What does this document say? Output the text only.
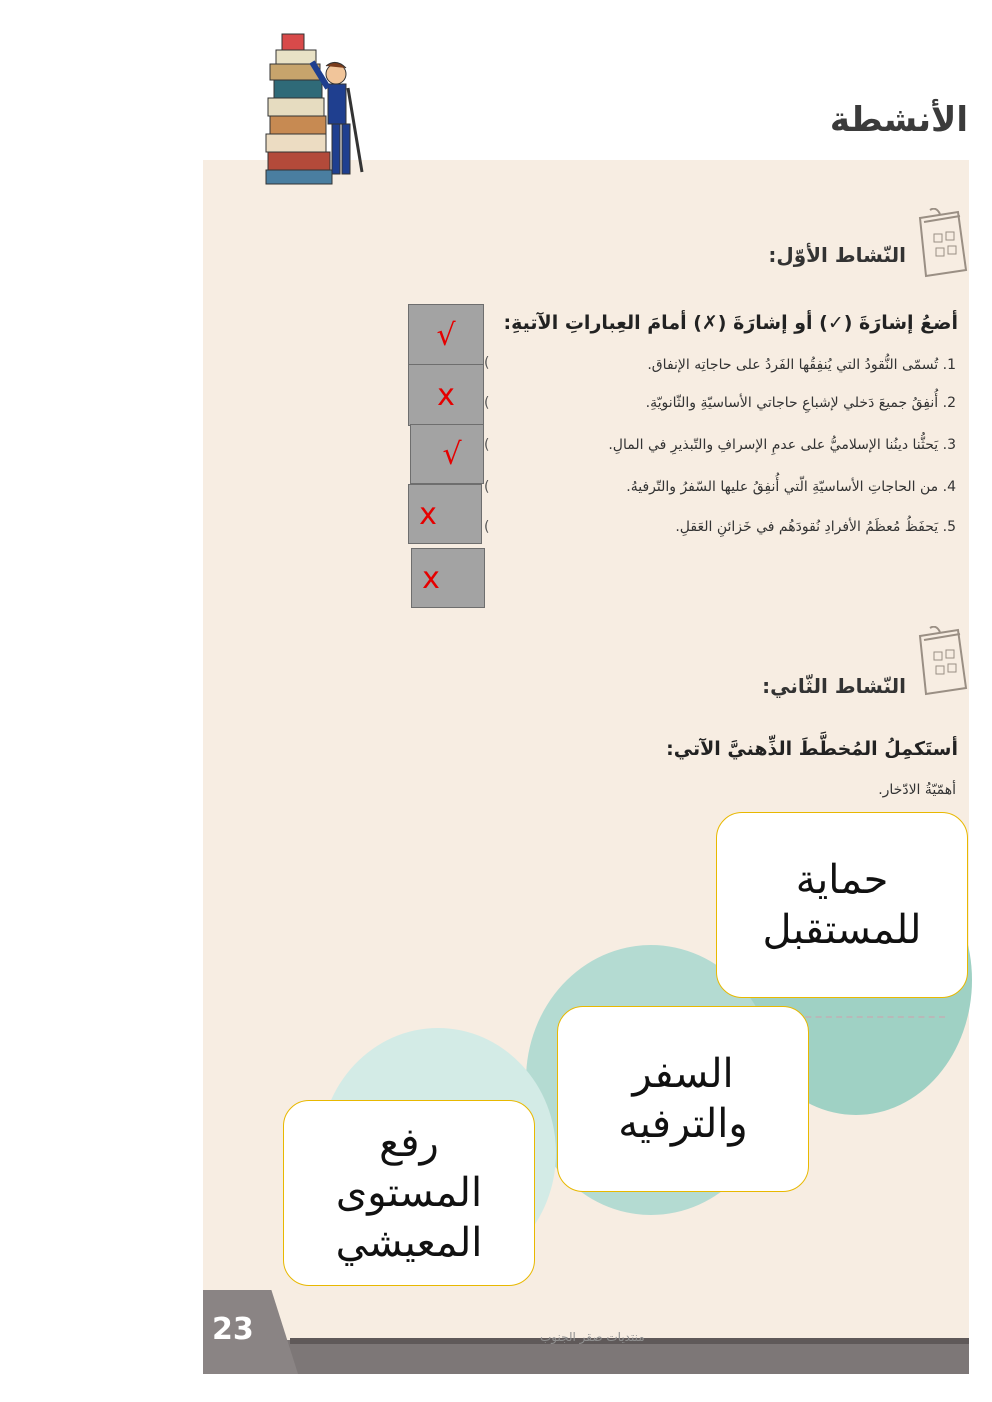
الأنشطة
النّشاط الأوّل:
أضعُ إشارَةَ (✓) أو إشارَةَ (✗) أمامَ العِباراتِ الآتيةِ:
1. تُسمّى النُّقودُ التي يُنفِقُها الفَردُ على حاجاتِه الإنفاق.
2. أُنفِقُ جميعَ دَخلي لإشباعِ حاجاتي الأساسيّةِ والثّانويّةِ.
3. يَحثُّنا دينُنا الإسلاميُّ على عدمِ الإسرافِ والتّبذيرِ في المالِ.
4. من الحاجاتِ الأساسيّةِ الّتي أُنفِقُ عليها السّفرُ والتّرفيهُ.
5. يَحفَظُ مُعظَمُ الأفرادِ نُقودَهُم في خَزائنِ العَقلِ.
(
(
(
(
(
√
x
√
x
x
النّشاط الثّاني:
أستَكمِلُ المُخطَّطَ الذِّهنيَّ الآتي:
أهمّيّةُ الادّخار.
حماية للمستقبل
السفر والترفيه
رفع المستوى المعيشي
23	منتديات صقر الجنوب
